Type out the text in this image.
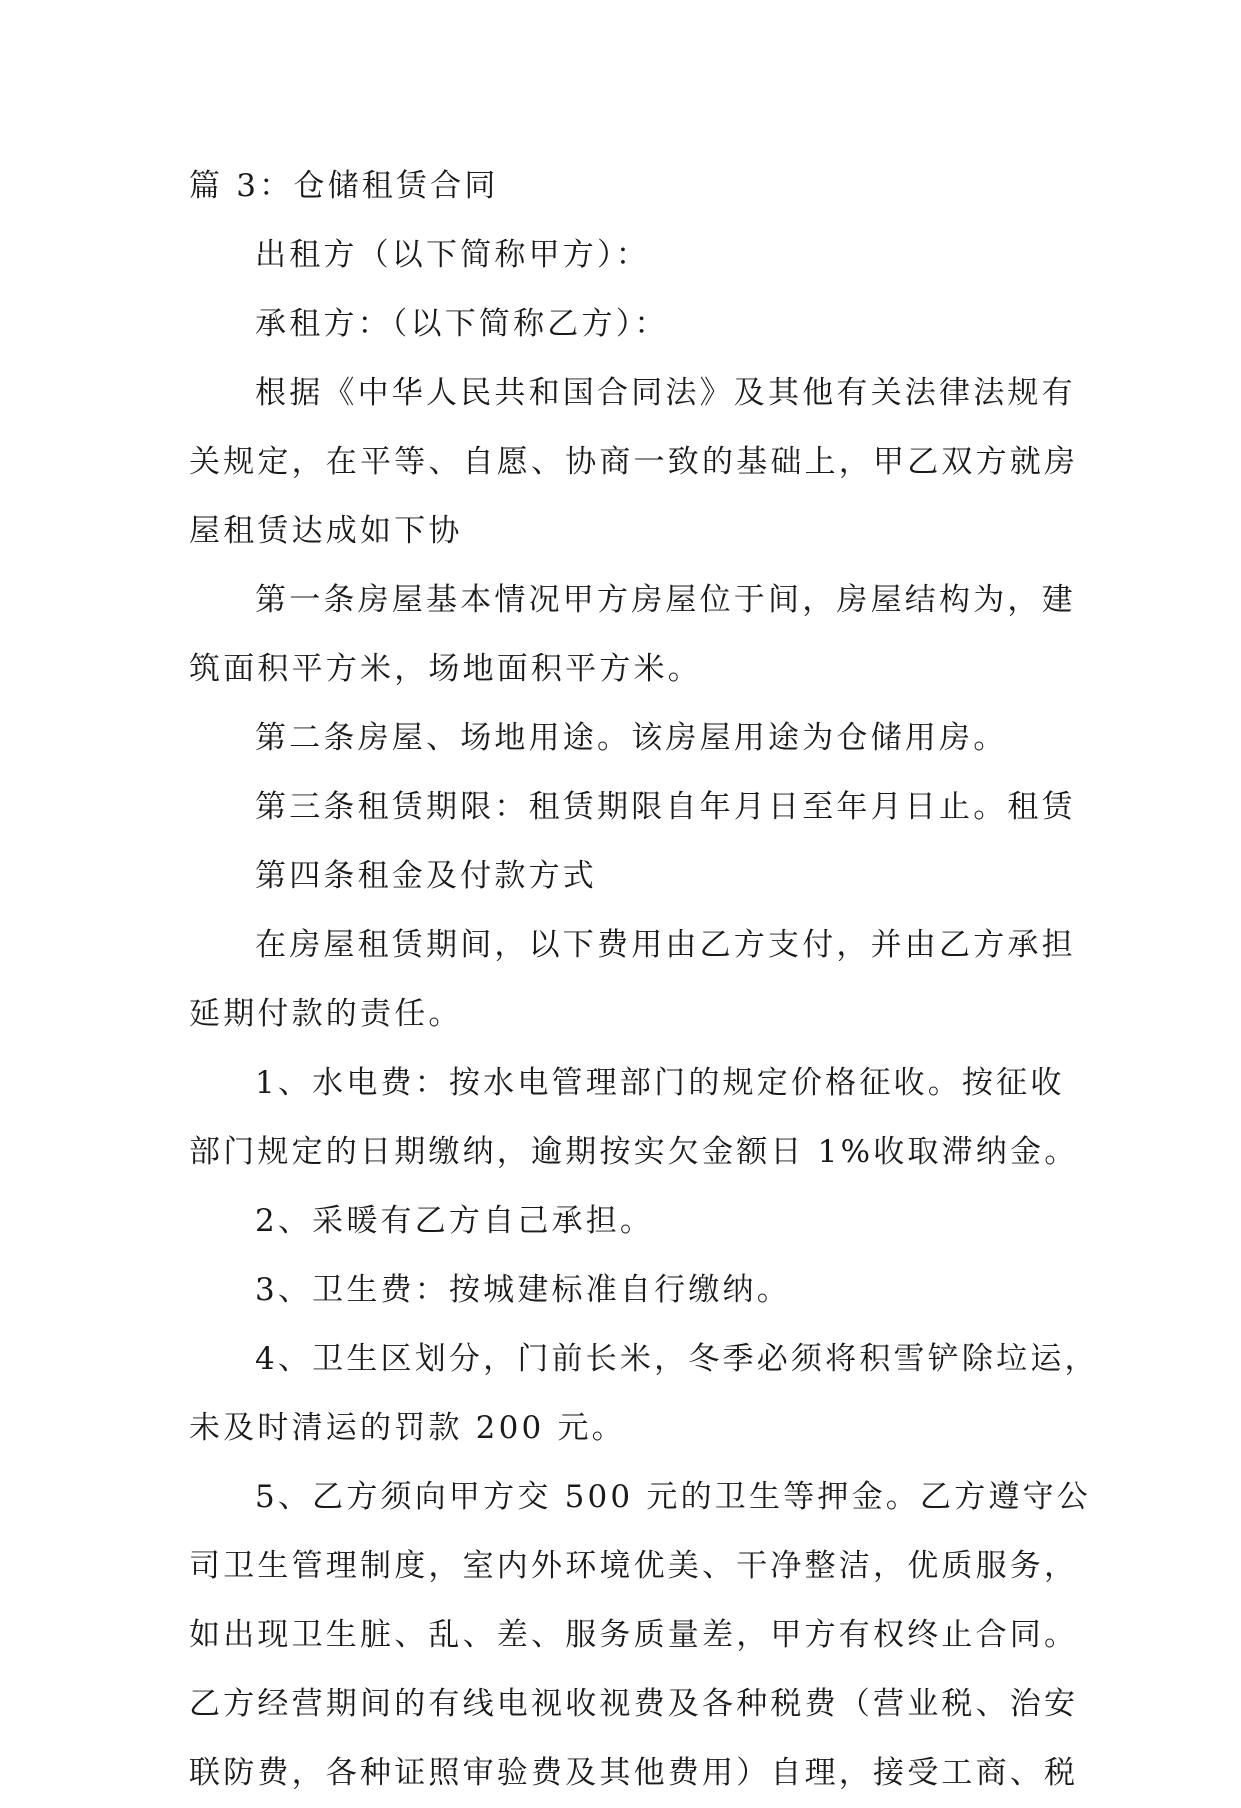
篇 3：仓储租赁合同
出租方（以下简称甲方）：
承租方：（以下简称乙方）：
根据《中华人民共和国合同法》及其他有关法律法规有
关规定，在平等、自愿、协商一致的基础上，甲乙双方就房
屋租赁达成如下协
第一条房屋基本情况甲方房屋位于间，房屋结构为，建
筑面积平方米，场地面积平方米。
第二条房屋、场地用途。该房屋用途为仓储用房。
第三条租赁期限：租赁期限自年月日至年月日止。租赁
第四条租金及付款方式
在房屋租赁期间，以下费用由乙方支付，并由乙方承担
延期付款的责任。
1、水电费：按水电管理部门的规定价格征收。按征收
部门规定的日期缴纳，逾期按实欠金额日 1%收取滞纳金。
2、采暖有乙方自己承担。
3、卫生费：按城建标准自行缴纳。
4、卫生区划分，门前长米，冬季必须将积雪铲除垃运，
未及时清运的罚款 200 元。
5、乙方须向甲方交 500 元的卫生等押金。乙方遵守公
司卫生管理制度，室内外环境优美、干净整洁，优质服务，
如出现卫生脏、乱、差、服务质量差，甲方有权终止合同。
乙方经营期间的有线电视收视费及各种税费（营业税、治安
联防费，各种证照审验费及其他费用）自理，接受工商、税
